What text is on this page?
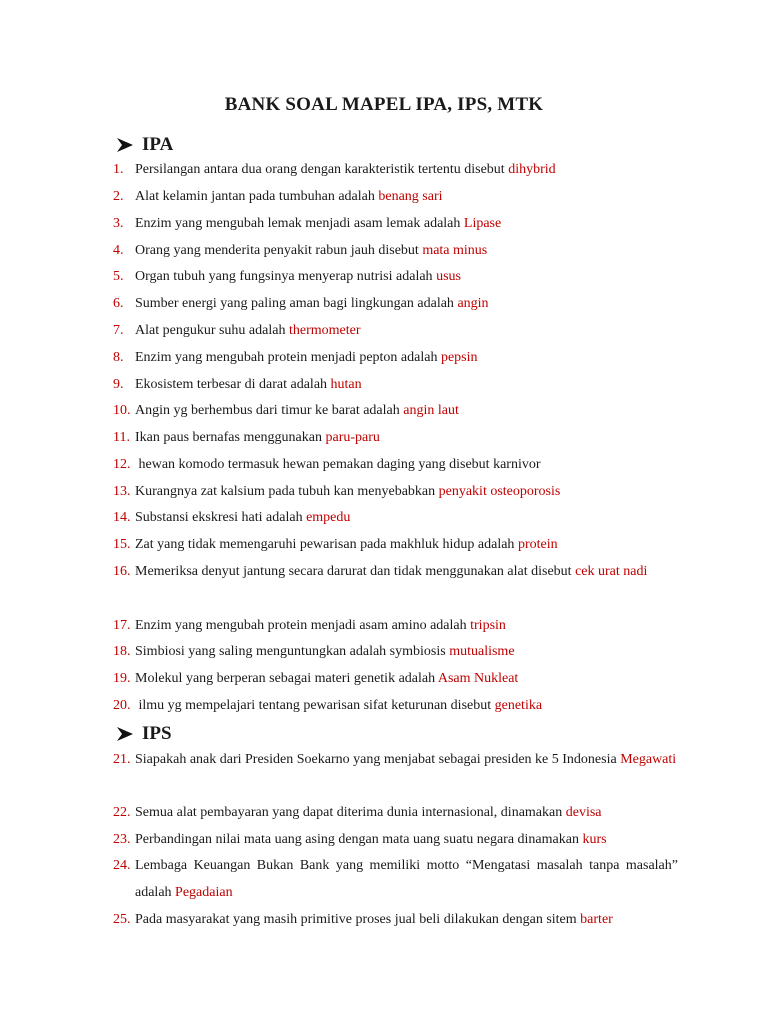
BANK SOAL MAPEL IPA, IPS, MTK
IPA
1. Persilangan antara dua orang dengan karakteristik tertentu disebut dihybrid
2. Alat kelamin jantan pada tumbuhan adalah benang sari
3. Enzim yang mengubah lemak menjadi asam lemak adalah Lipase
4. Orang yang menderita penyakit rabun jauh disebut mata minus
5. Organ tubuh yang fungsinya menyerap nutrisi adalah usus
6. Sumber energi yang paling aman bagi lingkungan adalah angin
7. Alat pengukur suhu adalah thermometer
8. Enzim yang mengubah protein menjadi pepton adalah pepsin
9. Ekosistem terbesar di darat adalah hutan
10. Angin yg berhembus dari timur ke barat adalah angin laut
11. Ikan paus bernafas menggunakan paru-paru
12. hewan komodo termasuk hewan pemakan daging yang disebut karnivor
13. Kurangnya zat kalsium pada tubuh kan menyebabkan penyakit osteoporosis
14. Substansi ekskresi hati adalah empedu
15. Zat yang tidak memengaruhi pewarisan pada makhluk hidup adalah protein
16. Memeriksa denyut jantung secara darurat dan tidak menggunakan alat disebut cek urat nadi
17. Enzim yang mengubah protein menjadi asam amino adalah tripsin
18. Simbiosi yang saling menguntungkan adalah symbiosis mutualisme
19. Molekul yang berperan sebagai materi genetik adalah Asam Nukleat
20. ilmu yg mempelajari tentang pewarisan sifat keturunan disebut genetika
IPS
21. Siapakah anak dari Presiden Soekarno yang menjabat sebagai presiden ke 5 Indonesia Megawati
22. Semua alat pembayaran yang dapat diterima dunia internasional, dinamakan devisa
23. Perbandingan nilai mata uang asing dengan mata uang suatu negara dinamakan kurs
24. Lembaga Keuangan Bukan Bank yang memiliki motto “Mengatasi masalah tanpa masalah” adalah Pegadaian
25. Pada masyarakat yang masih primitive proses jual beli dilakukan dengan sitem barter
